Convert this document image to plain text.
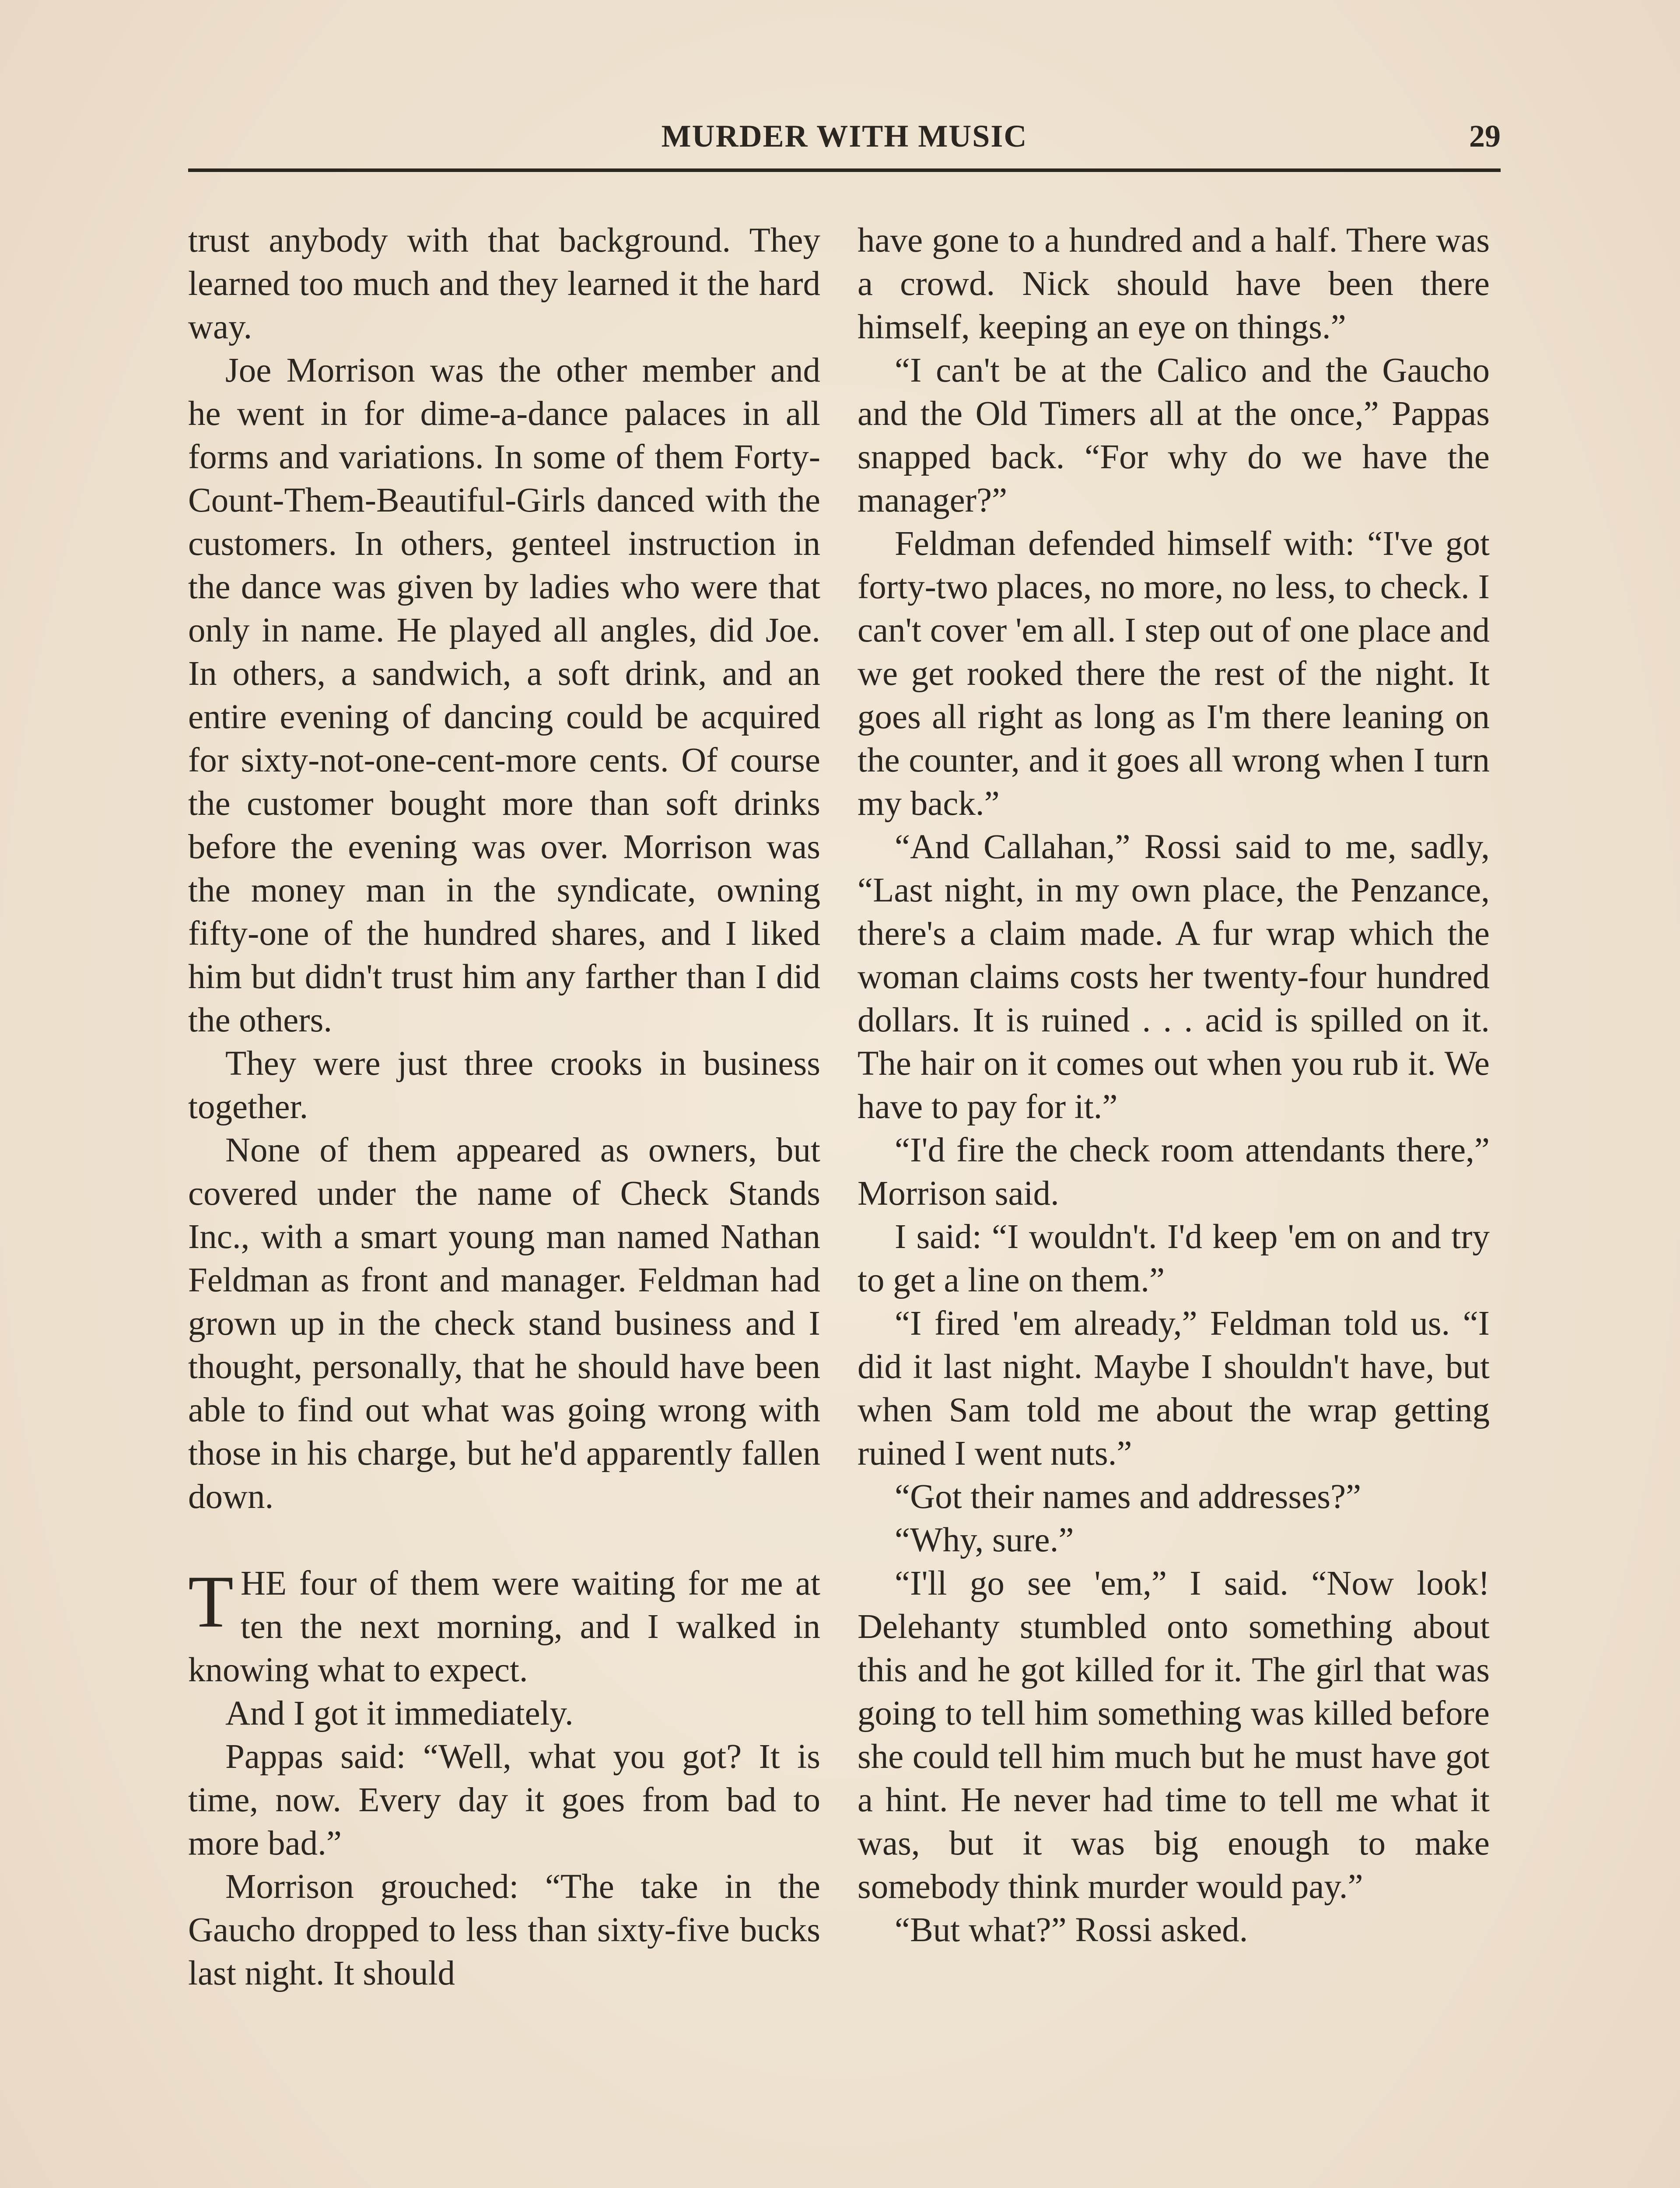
MURDER WITH MUSIC	29

trust anybody with that background. They learned too much and they learned it the hard way.

Joe Morrison was the other member and he went in for dime-a-dance palaces in all forms and variations. In some of them Forty-Count-Them-Beautiful-Girls danced with the customers. In others, genteel instruction in the dance was given by ladies who were that only in name. He played all angles, did Joe. In others, a sandwich, a soft drink, and an entire evening of dancing could be acquired for sixty-not-one-cent-more cents. Of course the customer bought more than soft drinks before the evening was over. Morrison was the money man in the syndicate, owning fifty-one of the hundred shares, and I liked him but didn't trust him any farther than I did the others.

They were just three crooks in business together.

None of them appeared as owners, but covered under the name of Check Stands Inc., with a smart young man named Nathan Feldman as front and manager. Feldman had grown up in the check stand business and I thought, personally, that he should have been able to find out what was going wrong with those in his charge, but he'd apparently fallen down.

THE four of them were waiting for me at ten the next morning, and I walked in knowing what to expect.

And I got it immediately.

Pappas said: “Well, what you got? It is time, now. Every day it goes from bad to more bad.”

Morrison grouched: “The take in the Gaucho dropped to less than sixty-five bucks last night. It should

have gone to a hundred and a half. There was a crowd. Nick should have been there himself, keeping an eye on things.”

“I can't be at the Calico and the Gaucho and the Old Timers all at the once,” Pappas snapped back. “For why do we have the manager?”

Feldman defended himself with: “I've got forty-two places, no more, no less, to check. I can't cover 'em all. I step out of one place and we get rooked there the rest of the night. It goes all right as long as I'm there leaning on the counter, and it goes all wrong when I turn my back.”

“And Callahan,” Rossi said to me, sadly, “Last night, in my own place, the Penzance, there's a claim made. A fur wrap which the woman claims costs her twenty-four hundred dollars. It is ruined . . . acid is spilled on it. The hair on it comes out when you rub it. We have to pay for it.”

“I'd fire the check room attendants there,” Morrison said.

I said: “I wouldn't. I'd keep 'em on and try to get a line on them.”

“I fired 'em already,” Feldman told us. “I did it last night. Maybe I shouldn't have, but when Sam told me about the wrap getting ruined I went nuts.”

“Got their names and addresses?”

“Why, sure.”

“I'll go see 'em,” I said. “Now look! Delehanty stumbled onto something about this and he got killed for it. The girl that was going to tell him something was killed before she could tell him much but he must have got a hint. He never had time to tell me what it was, but it was big enough to make somebody think murder would pay.”

“But what?” Rossi asked.
